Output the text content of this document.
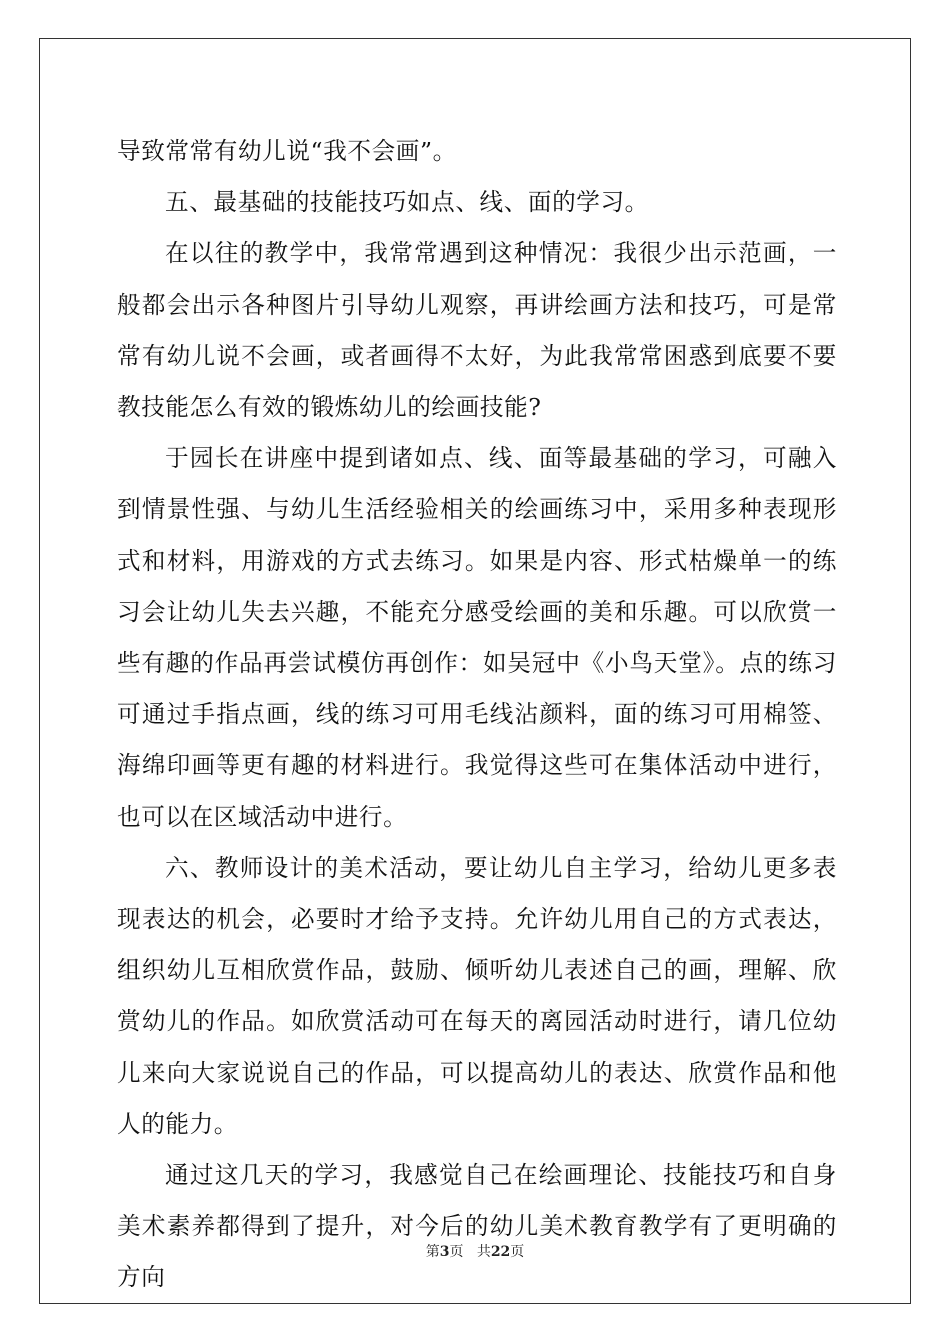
导致常常有幼儿说“我不会画”。

五、最基础的技能技巧如点、线、面的学习。

在以往的教学中，我常常遇到这种情况：我很少出示范画，一般都会出示各种图片引导幼儿观察，再讲绘画方法和技巧，可是常常有幼儿说不会画，或者画得不太好，为此我常常困惑到底要不要教技能怎么有效的锻炼幼儿的绘画技能?

于园长在讲座中提到诸如点、线、面等最基础的学习，可融入到情景性强、与幼儿生活经验相关的绘画练习中，采用多种表现形式和材料，用游戏的方式去练习。如果是内容、形式枯燥单一的练习会让幼儿失去兴趣，不能充分感受绘画的美和乐趣。可以欣赏一些有趣的作品再尝试模仿再创作：如吴冠中《小鸟天堂》。点的练习可通过手指点画，线的练习可用毛线沾颜料，面的练习可用棉签、海绵印画等更有趣的材料进行。我觉得这些可在集体活动中进行，也可以在区域活动中进行。

六、教师设计的美术活动，要让幼儿自主学习，给幼儿更多表现表达的机会，必要时才给予支持。允许幼儿用自己的方式表达，组织幼儿互相欣赏作品，鼓励、倾听幼儿表述自己的画，理解、欣赏幼儿的作品。如欣赏活动可在每天的离园活动时进行，请几位幼儿来向大家说说自己的作品，可以提高幼儿的表达、欣赏作品和他人的能力。

通过这几天的学习，我感觉自己在绘画理论、技能技巧和自身美术素养都得到了提升，对今后的幼儿美术教育教学有了更明确的方向

第3页 共22页
